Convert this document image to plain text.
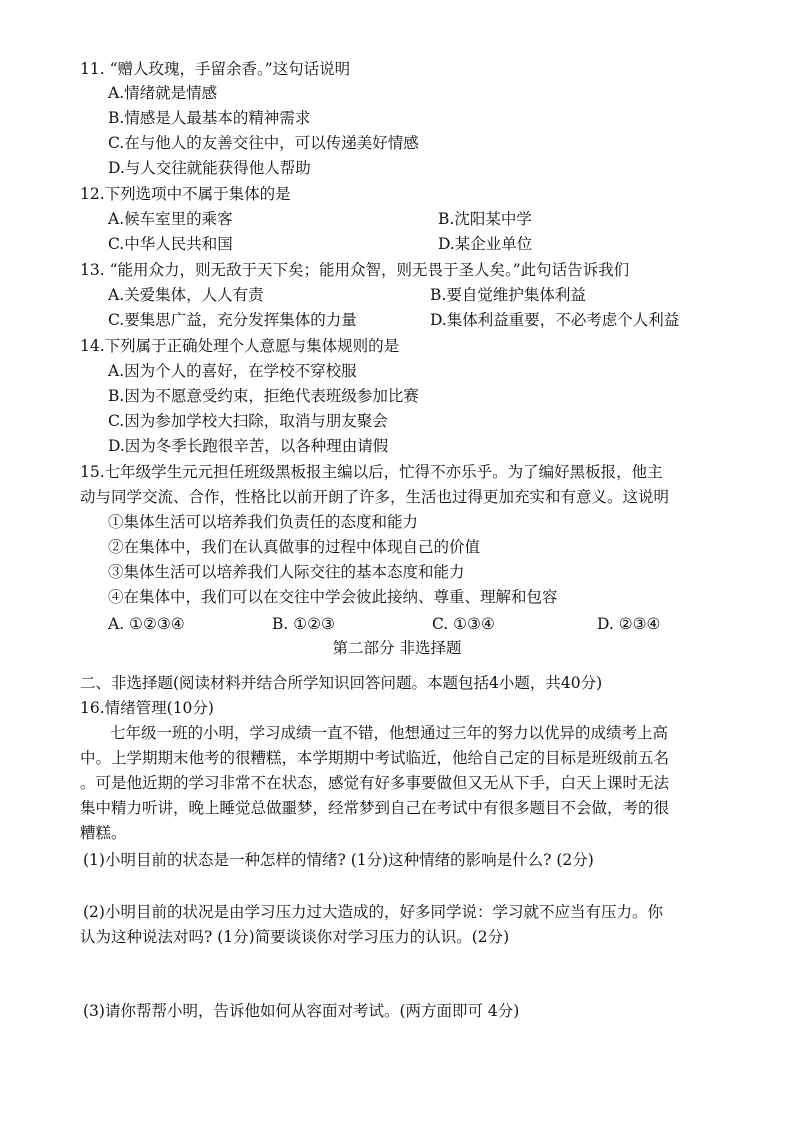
11. “赠人玫瑰，手留余香。”这句话说明
A.情绪就是情感
B.情感是人最基本的精神需求
C.在与他人的友善交往中，可以传递美好情感
D.与人交往就能获得他人帮助
12.下列选项中不属于集体的是
A.候车室里的乘客	B.沈阳某中学
C.中华人民共和国	D.某企业单位
13. “能用众力，则无敌于天下矣；能用众智，则无畏于圣人矣。”此句话告诉我们
A.关爱集体，人人有责	B.要自觉维护集体利益
C.要集思广益，充分发挥集体的力量	D.集体利益重要，不必考虑个人利益
14.下列属于正确处理个人意愿与集体规则的是
A.因为个人的喜好，在学校不穿校服
B.因为不愿意受约束，拒绝代表班级参加比赛
C.因为参加学校大扫除，取消与朋友聚会
D.因为冬季长跑很辛苦，以各种理由请假
15.七年级学生元元担任班级黑板报主编以后，忙得不亦乐乎。为了编好黑板报，他主
动与同学交流、合作，性格比以前开朗了许多，生活也过得更加充实和有意义。这说明
①集体生活可以培养我们负责任的态度和能力
②在集体中，我们在认真做事的过程中体现自己的价值
③集体生活可以培养我们人际交往的基本态度和能力
④在集体中，我们可以在交往中学会彼此接纳、尊重、理解和包容
A. ①②③④	B. ①②③	C. ①③④	D. ②③④
第二部分 非选择题
二、非选择题(阅读材料并结合所学知识回答问题。本题包括4小题，共40分)
16.情绪管理(10分)
七年级一班的小明，学习成绩一直不错，他想通过三年的努力以优异的成绩考上高
中。上学期期末他考的很糟糕，本学期期中考试临近，他给自己定的目标是班级前五名
。可是他近期的学习非常不在状态，感觉有好多事要做但又无从下手，白天上课时无法
集中精力听讲，晚上睡觉总做噩梦，经常梦到自己在考试中有很多题目不会做，考的很
糟糕。
(1)小明目前的状态是一种怎样的情绪? (1分)这种情绪的影响是什么? (2分)
(2)小明目前的状况是由学习压力过大造成的，好多同学说：学习就不应当有压力。你
认为这种说法对吗? (1分)简要谈谈你对学习压力的认识。(2分)
(3)请你帮帮小明，告诉他如何从容面对考试。(两方面即可 4分)
